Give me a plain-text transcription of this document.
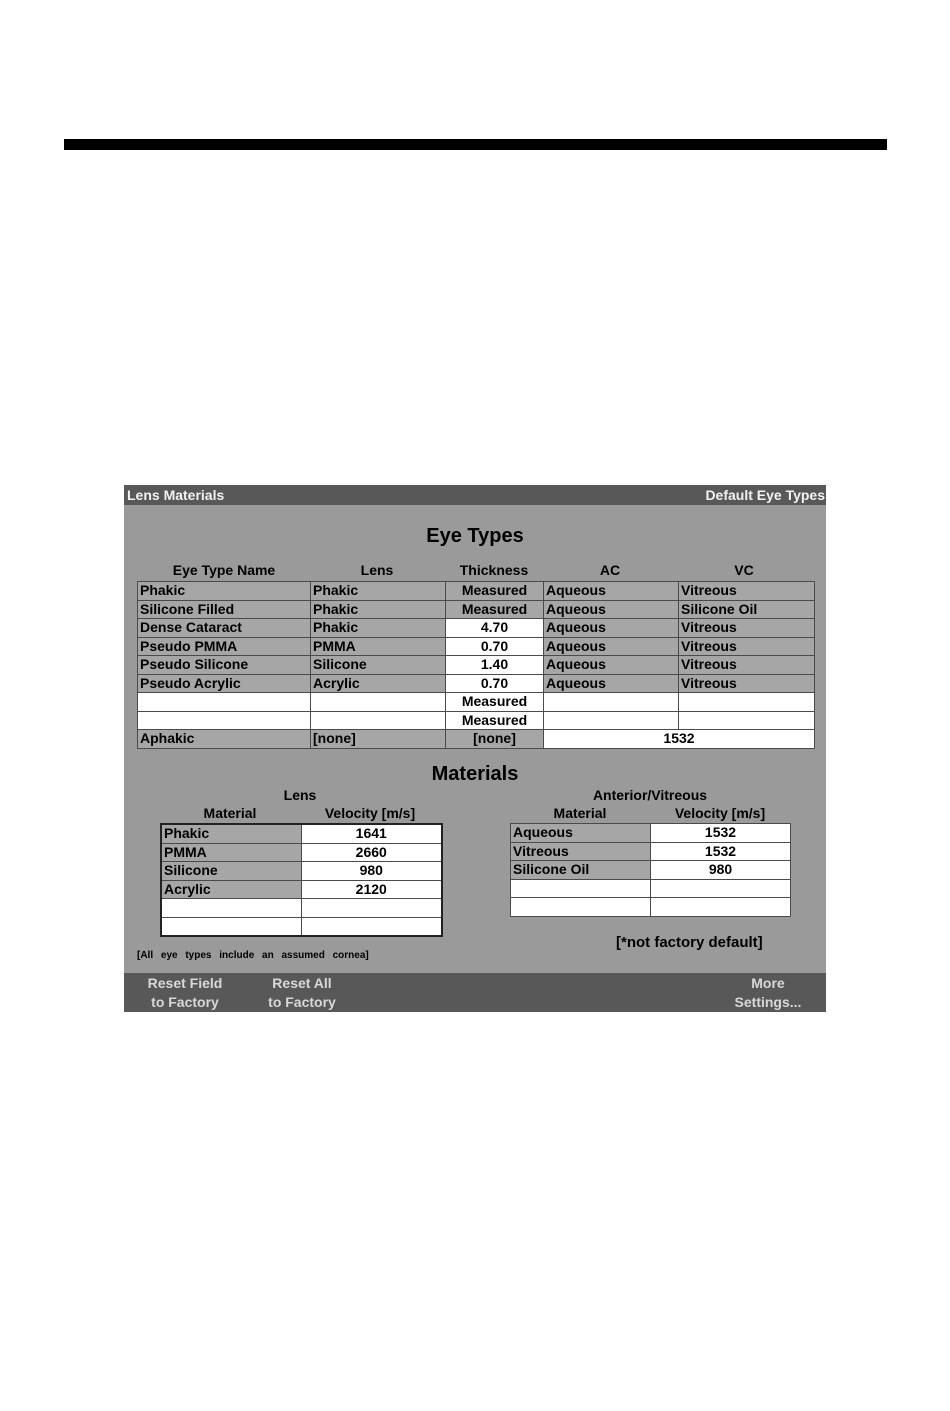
Lens Materials	Default Eye Types
Eye Types
Eye Type Name	Lens	Thickness	AC	VC
Phakic	Phakic	Measured	Aqueous	Vitreous
Silicone Filled	Phakic	Measured	Aqueous	Silicone Oil
Dense Cataract	Phakic	4.70	Aqueous	Vitreous
Pseudo PMMA	PMMA	0.70	Aqueous	Vitreous
Pseudo Silicone	Silicone	1.40	Aqueous	Vitreous
Pseudo Acrylic	Acrylic	0.70	Aqueous	Vitreous
		Measured		
		Measured		
Aphakic	[none]	[none]	1532	
Materials
Lens
Material	Velocity [m/s]
Anterior/Vitreous
Material	Velocity [m/s]
Phakic	1641
PMMA	2660
Silicone	980
Acrylic	2120

Aqueous	1532
Vitreous	1532
Silicone Oil	980

[All eye types include an assumed cornea]
[*not factory default]
Reset Field
to Factory
Reset All
to Factory
More
Settings...
